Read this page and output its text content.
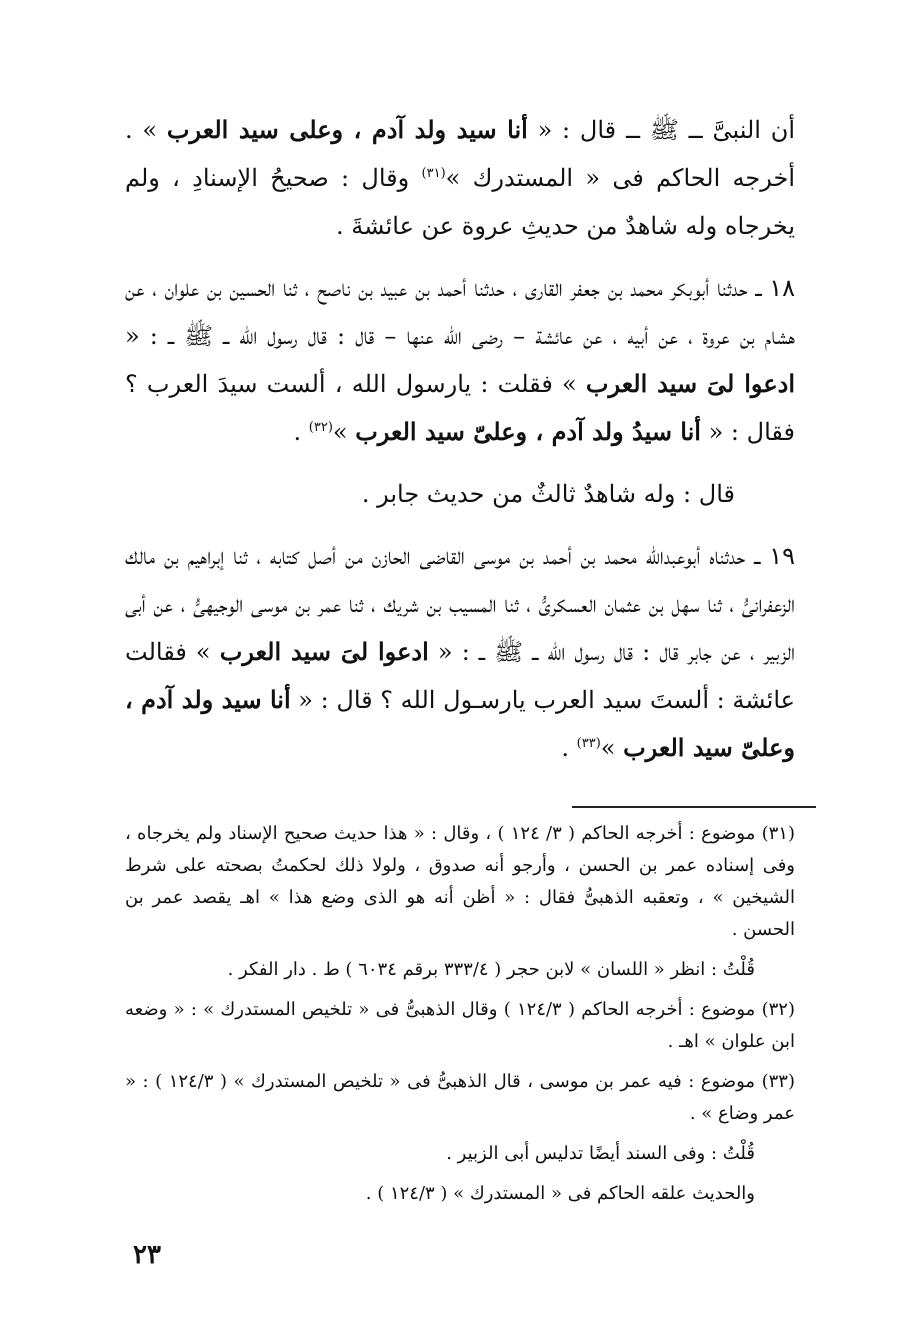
أن النبىَّ ــ ﷺ ــ قال : « أنا سيد ولد آدم ، وعلى سيد العرب » . أخرجه الحاكم فى « المستدرك »$^{(٣١)}$ وقال : صحيحُ الإسنادِ ، ولم يخرجاه وله شاهدٌ من حديثِ عروة عن عائشةَ .

١٨ ــ حدثنا أبوبكر محمد بن جعفر القارى ، حدثنا أحمد بن عبيد بن ناصح ، ثنا الحسين بن علوان ، عن هشام بن عروة ، عن أبيه ، عن عائشة – رضى الله عنها – قال : قال رسول الله ــ ﷺ ــ : « ادعوا لىَ سيد العرب » فقلت : يارسول الله ، ألست سيدَ العرب ؟ فقال : « أنا سيدُ ولد آدم ، وعلىّ سيد العرب »$^{(٣٢)}$ .

قال : وله شاهدٌ ثالثٌ من حديث جابر .

١٩ ــ حدثناه أبوعبدالله محمد بن أحمد بن موسى القاضى الحازن من أصل كتابه ، ثنا إبراهيم بن مالك الزعفرانىُّ ، ثنا سهل بن عثمان العسكرىُّ ، ثنا المسيب بن شريك ، ثنا عمر بن موسى الوجيهىُّ ، عن أبى الزبير ، عن جابر قال : قال رسول الله ــ ﷺ ــ : « ادعوا لىَ سيد العرب » فقالت عائشة : ألستَ سيد العرب يارسـول الله ؟ قال : « أنا سيد ولد آدم ، وعلىّ سيد العرب »$^{(٣٣)}$ .

(٣١) موضوع : أخرجه الحاكم ( ٣/ ١٢٤ ) ، وقال : « هذا حديث صحيح الإسناد ولم يخرجاه ، وفى إسناده عمر بن الحسن ، وأرجو أنه صدوق ، ولولا ذلك لحكمتُ بصحته على شرط الشيخين » ، وتعقبه الذهبىُّ فقال : « أظن أنه هو الذى وضع هذا » اهـ يقصد عمر بن الحسن .

قُلْتُ : انظر « اللسان » لابن حجر ( ٣٣٣/٤ برقم ٦٠٣٤ ) ط . دار الفكر .

(٣٢) موضوع : أخرجه الحاكم ( ١٢٤/٣ ) وقال الذهبىُّ فى « تلخيص المستدرك » : « وضعه ابن علوان » اهـ .

(٣٣) موضوع : فيه عمر بن موسى ، قال الذهبىُّ فى « تلخيص المستدرك » ( ١٢٤/٣ ) : « عمر وضاع » .

قُلْتُ : وفى السند أيضًا تدليس أبى الزبير .

والحديث علقه الحاكم فى « المستدرك » ( ١٢٤/٣ ) .

٢٣
